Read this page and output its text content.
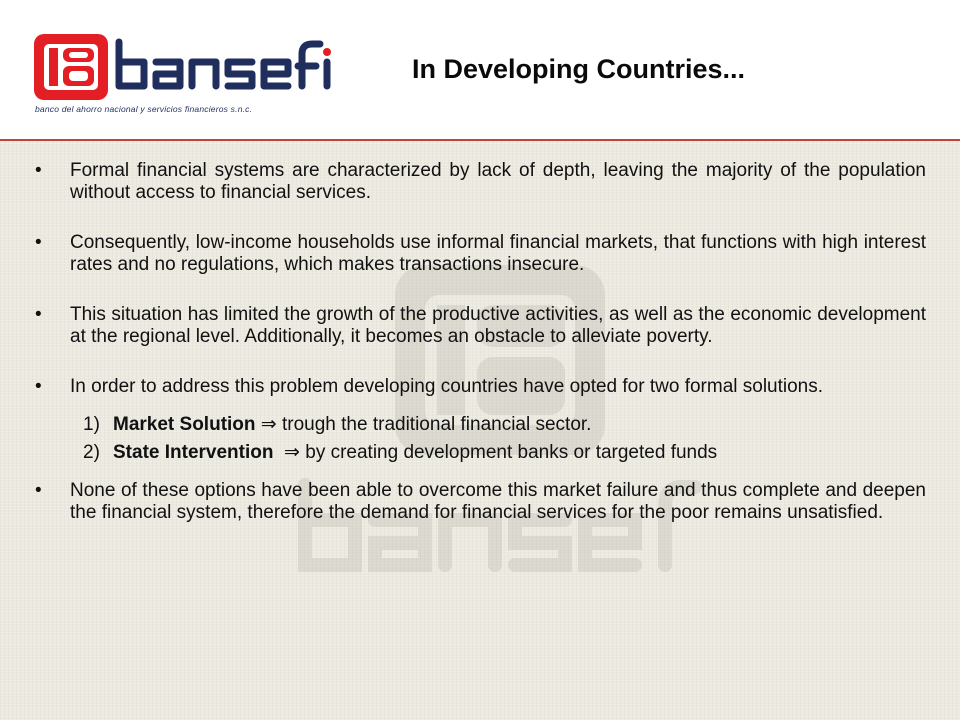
banco del ahorro nacional y servicios financieros s.n.c.
In Developing Countries...
• Formal financial systems are characterized by lack of depth, leaving the majority of the population without access to financial services.
• Consequently, low-income households use informal financial markets, that functions with high interest rates and no regulations, which makes transactions insecure.
• This situation has limited the growth of the productive activities, as well as the economic development at the regional level. Additionally, it becomes an obstacle to alleviate poverty.
• In order to address this problem developing countries have opted for two formal solutions.
1) Market Solution ⇒ trough the traditional financial sector.
2) State Intervention  ⇒ by creating development banks or targeted funds
• None of these options have been able to overcome this market failure and thus complete and deepen the financial system, therefore the demand for financial services for the poor remains unsatisfied.
